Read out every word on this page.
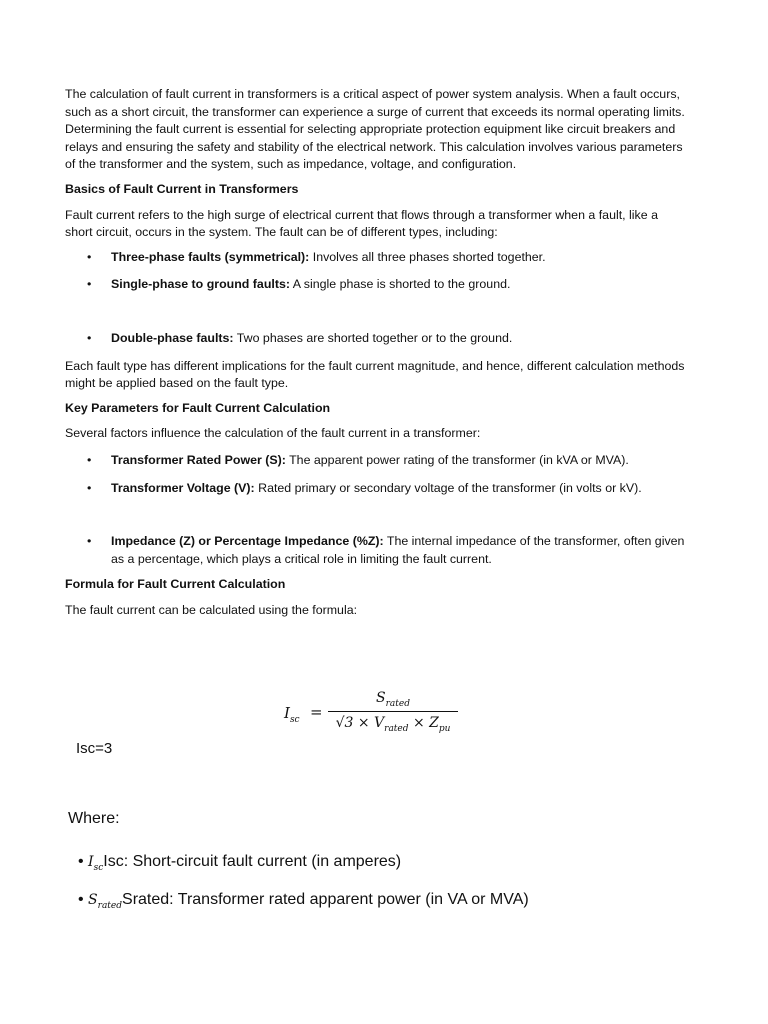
The calculation of fault current in transformers is a critical aspect of power system analysis. When a fault occurs, such as a short circuit, the transformer can experience a surge of current that exceeds its normal operating limits. Determining the fault current is essential for selecting appropriate protection equipment like circuit breakers and relays and ensuring the safety and stability of the electrical network. This calculation involves various parameters of the transformer and the system, such as impedance, voltage, and configuration.

Basics of Fault Current in Transformers

Fault current refers to the high surge of electrical current that flows through a transformer when a fault, like a short circuit, occurs in the system. The fault can be of different types, including:

• Three-phase faults (symmetrical): Involves all three phases shorted together.
• Single-phase to ground faults: A single phase is shorted to the ground.
• Double-phase faults: Two phases are shorted together or to the ground.

Each fault type has different implications for the fault current magnitude, and hence, different calculation methods might be applied based on the fault type.

Key Parameters for Fault Current Calculation

Several factors influence the calculation of the fault current in a transformer:

• Transformer Rated Power (S): The apparent power rating of the transformer (in kVA or MVA).
• Transformer Voltage (V): Rated primary or secondary voltage of the transformer (in volts or kV).
• Impedance (Z) or Percentage Impedance (%Z): The internal impedance of the transformer, often given as a percentage, which plays a critical role in limiting the fault current.

Formula for Fault Current Calculation

The fault current can be calculated using the formula:

$I_{sc}$ =
$S_{rated}$
$√3 \times V_{rated} \times Z_{pu}$
Isc=3
Where:
• $I_{sc}Isc$: Short-circuit fault current (in amperes)
• $S_{rated}Srated$: Transformer rated apparent power (in VA or MVA)
